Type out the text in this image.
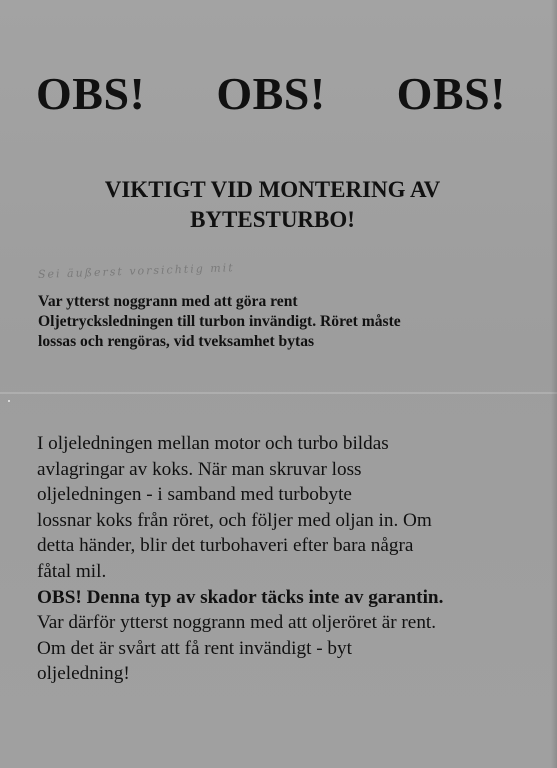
OBS! OBS! OBS!
VIKTIGT VID MONTERING AV
BYTESTURBO!
Sei äußerst vorsichtig mit
Var ytterst noggrann med att göra rent
Oljetrycksledningen till turbon invändigt. Röret måste
lossas och rengöras, vid tveksamhet bytas
I oljeledningen mellan motor och turbo bildas
avlagringar av koks. När man skruvar loss
oljeledningen - i samband med turbobyte
lossnar koks från röret, och följer med oljan in. Om
detta händer, blir det turbohaveri efter bara några
fåtal mil.
OBS! Denna typ av skador täcks inte av garantin.
Var därför ytterst noggrann med att oljeröret är rent.
Om det är svårt att få rent invändigt - byt
oljeledning!
